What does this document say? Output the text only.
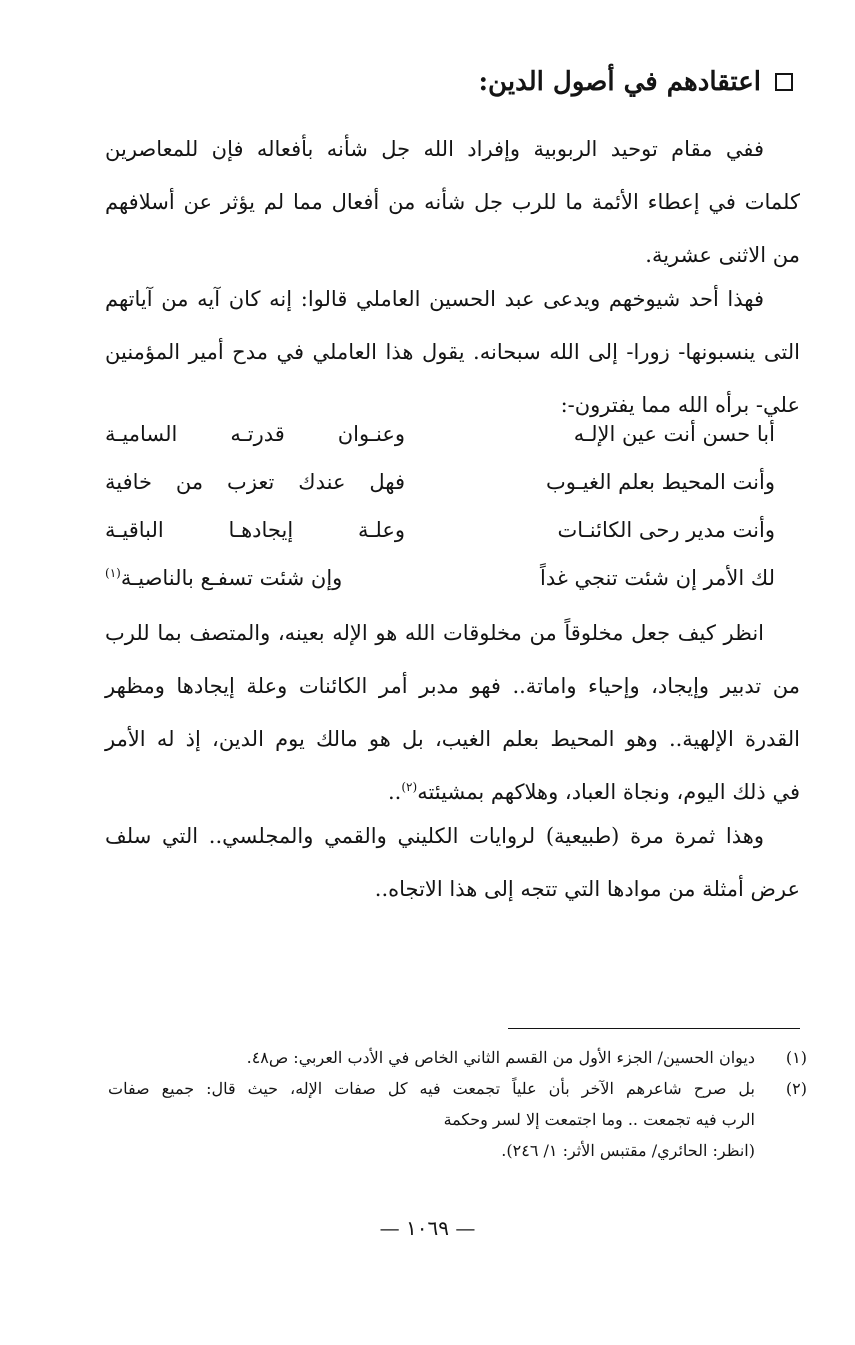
اعتقادهم في أصول الدين:
ففي مقام توحيد الربوبية وإفراد الله جل شأنه بأفعاله فإن للمعاصرين
كلمات في إعطاء الأئمة ما للرب جل شأنه من أفعال مما لم يؤثر عن أسلافهم
من الاثنى عشرية.
فهذا أحد شيوخهم ويدعى عبد الحسين العاملي قالوا: إنه كان آيه من آياتهم
التى ينسبونها- زورا- إلى الله سبحانه. يقول هذا العاملي في مدح أمير المؤمنين
علي- برأه الله مما يفترون-:
أبا حسن أنت عين الإلـه
وعنـوان قدرتـه الساميـة
وأنت المحيط بعلم الغيـوب
فهل عندك تعزب من خافية
وأنت مدير رحى الكائنـات
وعلـة إيجادهـا الباقيـة
لك الأمر إن شئت تنجي غداً
وإن شئت تسفـع بالناصيـة$^{(١)}$
انظر كيف جعل مخلوقاً من مخلوقات الله هو الإله بعينه، والمتصف بما للرب
من تدبير وإيجاد، وإحياء واماتة.. فهو مدبر أمر الكائنات وعلة إيجادها ومظهر
القدرة الإلهية.. وهو المحيط بعلم الغيب، بل هو مالك يوم الدين، إذ له الأمر
في ذلك اليوم، ونجاة العباد، وهلاكهم بمشيئته$^{(٢)}$..
وهذا ثمرة مرة (طبيعية) لروايات الكليني والقمي والمجلسي.. التي سلف
عرض أمثلة من موادها التي تتجه إلى هذا الاتجاه..
(١)
ديوان الحسين/ الجزء الأول من القسم الثاني الخاص في الأدب العربي: ص٤٨.
(٢)
بل صرح شاعرهم الآخر بأن علياً تجمعت فيه كل صفات الإله، حيث قال: جميع صفات
الرب فيه تجمعت .. وما اجتمعت إلا لسر وحكمة
(انظر: الحائري/ مقتبس الأثر: ١/ ٢٤٦).
— ١٠٦٩ —
